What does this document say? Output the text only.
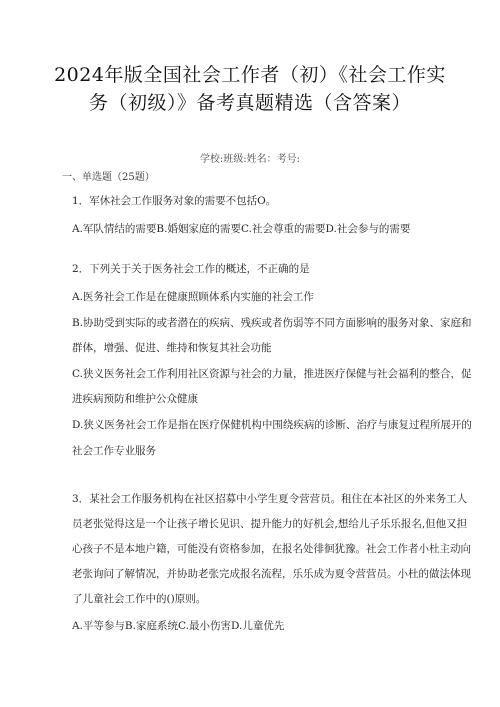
2024年版全国社会工作者（初）《社会工作实
务（初级）》备考真题精选（含答案）
学校:班级:姓名：考号:
一、单选题（25题）
1．军休社会工作服务对象的需要不包括O。
A.军队情结的需要B.婚姻家庭的需要C.社会尊重的需要D.社会参与的需要
2．下列关于关于医务社会工作的概述，不正确的是
A.医务社会工作是在健康照顾体系内实施的社会工作
B.协助受到实际的或者潜在的疾病、残疾或者伤弱等不同方面影响的服务对象、家庭和
群体，增强、促进、维持和恢复其社会功能
C.狭义医务社会工作利用社区资源与社会的力量，推进医疗保健与社会福利的整合，促
进疾病预防和维护公众健康
D.狭义医务社会工作是指在医疗保健机构中围绕疾病的诊断、治疗与康复过程所展开的
社会工作专业服务
3．某社会工作服务机构在社区招募中小学生夏令营营员。租住在本社区的外来务工人
员老张觉得这是一个让孩子增长见识、提升能力的好机会,想给儿子乐乐报名,但他又担
心孩子不是本地户籍，可能没有资格参加，在报名处徘徊犹豫。社会工作者小杜主动向
老张询问了解情况，并协助老张完成报名流程，乐乐成为夏令营营员。小杜的做法体现
了儿童社会工作中的()原则。
A.平等参与B.家庭系统C.最小伤害D.儿童优先
